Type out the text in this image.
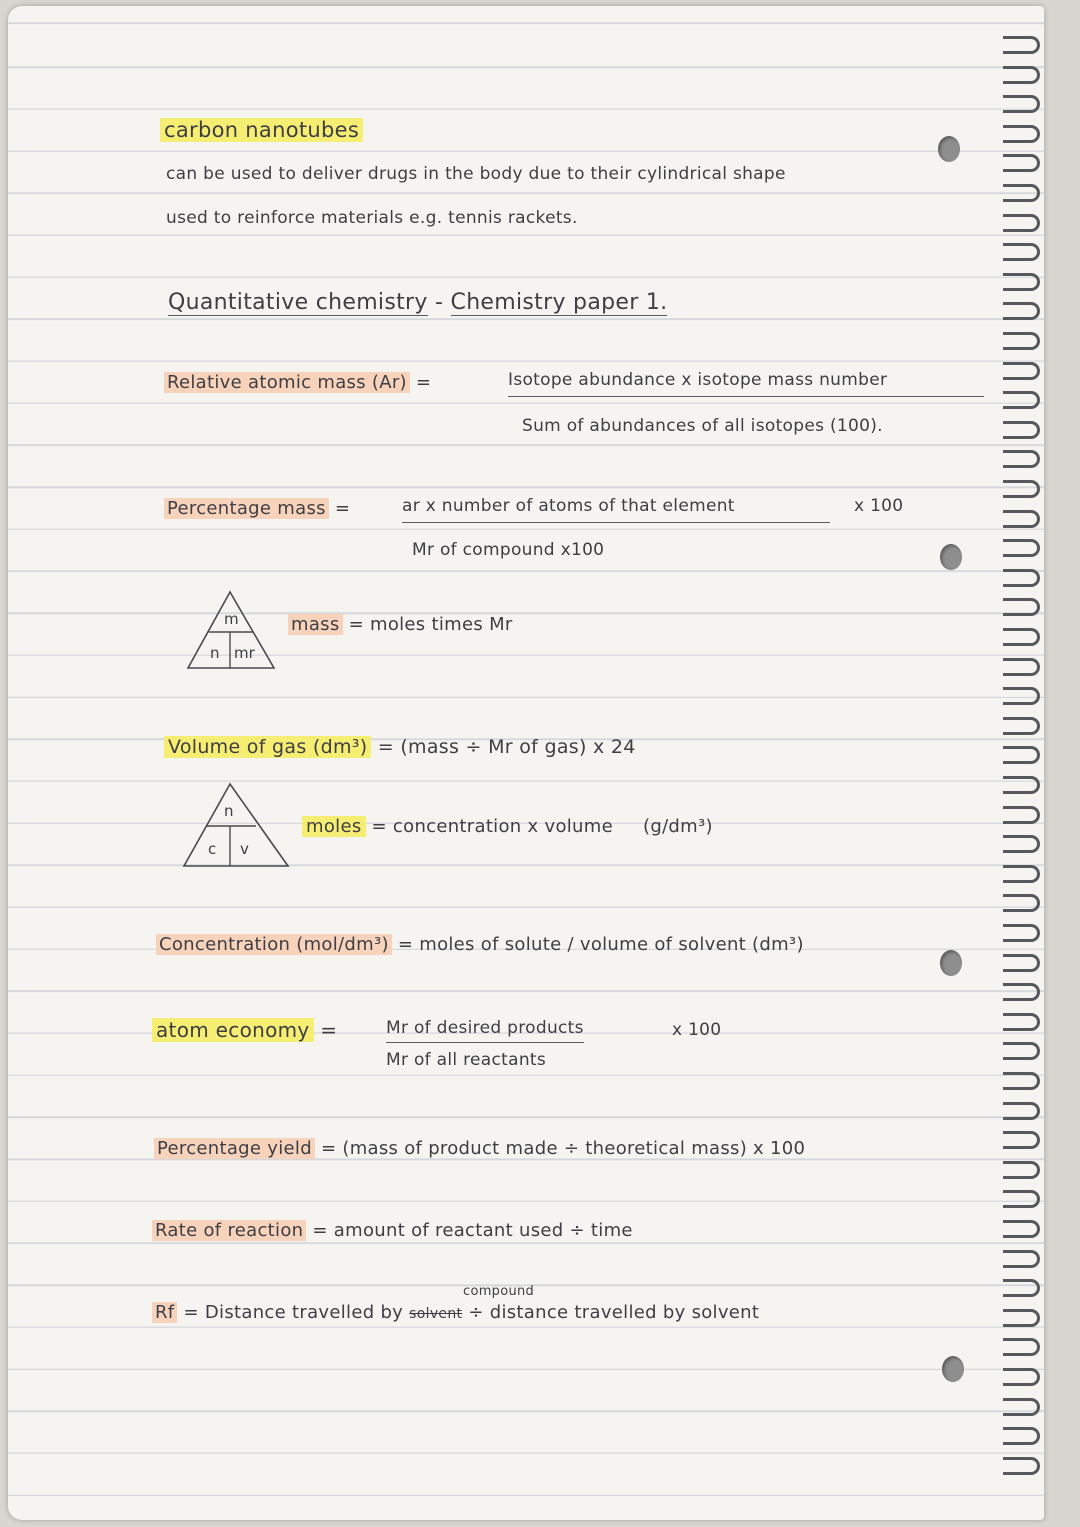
carbon nanotubes
can be used to deliver drugs in the body due to their cylindrical shape
used to reinforce materials e.g. tennis rackets.
Quantitative chemistry - Chemistry paper 1.
Relative atomic mass (Ar) =	Isotope abundance x isotope mass number
Sum of abundances of all isotopes (100).
Percentage mass =	ar x number of atoms of that element	x 100
Mr of compound x100
m
n mr
mass = moles times Mr
Volume of gas (dm³) = (mass ÷ Mr of gas) x 24
n
c v
moles = concentration x volume (g/dm³)
Concentration (mol/dm³) = moles of solute / volume of solvent (dm³)
atom economy =	Mr of desired products	x 100
Mr of all reactants
Percentage yield = (mass of product made ÷ theoretical mass) x 100
Rate of reaction = amount of reactant used ÷ time
compound
Rf = Distance travelled by solvent ÷ distance travelled by solvent
